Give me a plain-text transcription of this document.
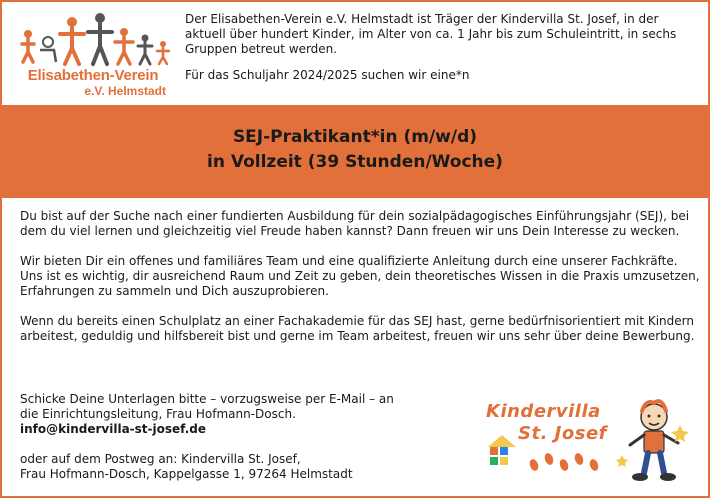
Elisabethen-Verein
e.V. Helmstadt

Der Elisabethen-Verein e.V. Helmstadt ist Träger der Kindervilla St. Josef, in der aktuell über hundert Kinder, im Alter von ca. 1 Jahr bis zum Schuleintritt, in sechs Gruppen betreut werden.

Für das Schuljahr 2024/2025 suchen wir eine*n

SEJ-Praktikant*in (m/w/d)
in Vollzeit (39 Stunden/Woche)

Du bist auf der Suche nach einer fundierten Ausbildung für dein sozialpädagogisches Einführungsjahr (SEJ), bei dem du viel lernen und gleichzeitig viel Freude haben kannst? Dann freuen wir uns Dein Interesse zu wecken.

Wir bieten Dir ein offenes und familiäres Team und eine qualifizierte Anleitung durch eine unserer Fachkräfte. Uns ist es wichtig, dir ausreichend Raum und Zeit zu geben, dein theoretisches Wissen in die Praxis umzusetzen, Erfahrungen zu sammeln und Dich auszuprobieren.

Wenn du bereits einen Schulplatz an einer Fachakademie für das SEJ hast, gerne bedürfnisorientiert mit Kindern arbeitest, geduldig und hilfsbereit bist und gerne im Team arbeitest, freuen wir uns sehr über deine Bewerbung.

Schicke Deine Unterlagen bitte – vorzugsweise per E-Mail – an

die Einrichtungsleitung, Frau Hofmann-Dosch.

info@kindervilla-st-josef.de

oder auf dem Postweg an: Kindervilla St. Josef,

Frau Hofmann-Dosch, Kappelgasse 1, 97264 Helmstadt

Kindervilla
St. Josef
